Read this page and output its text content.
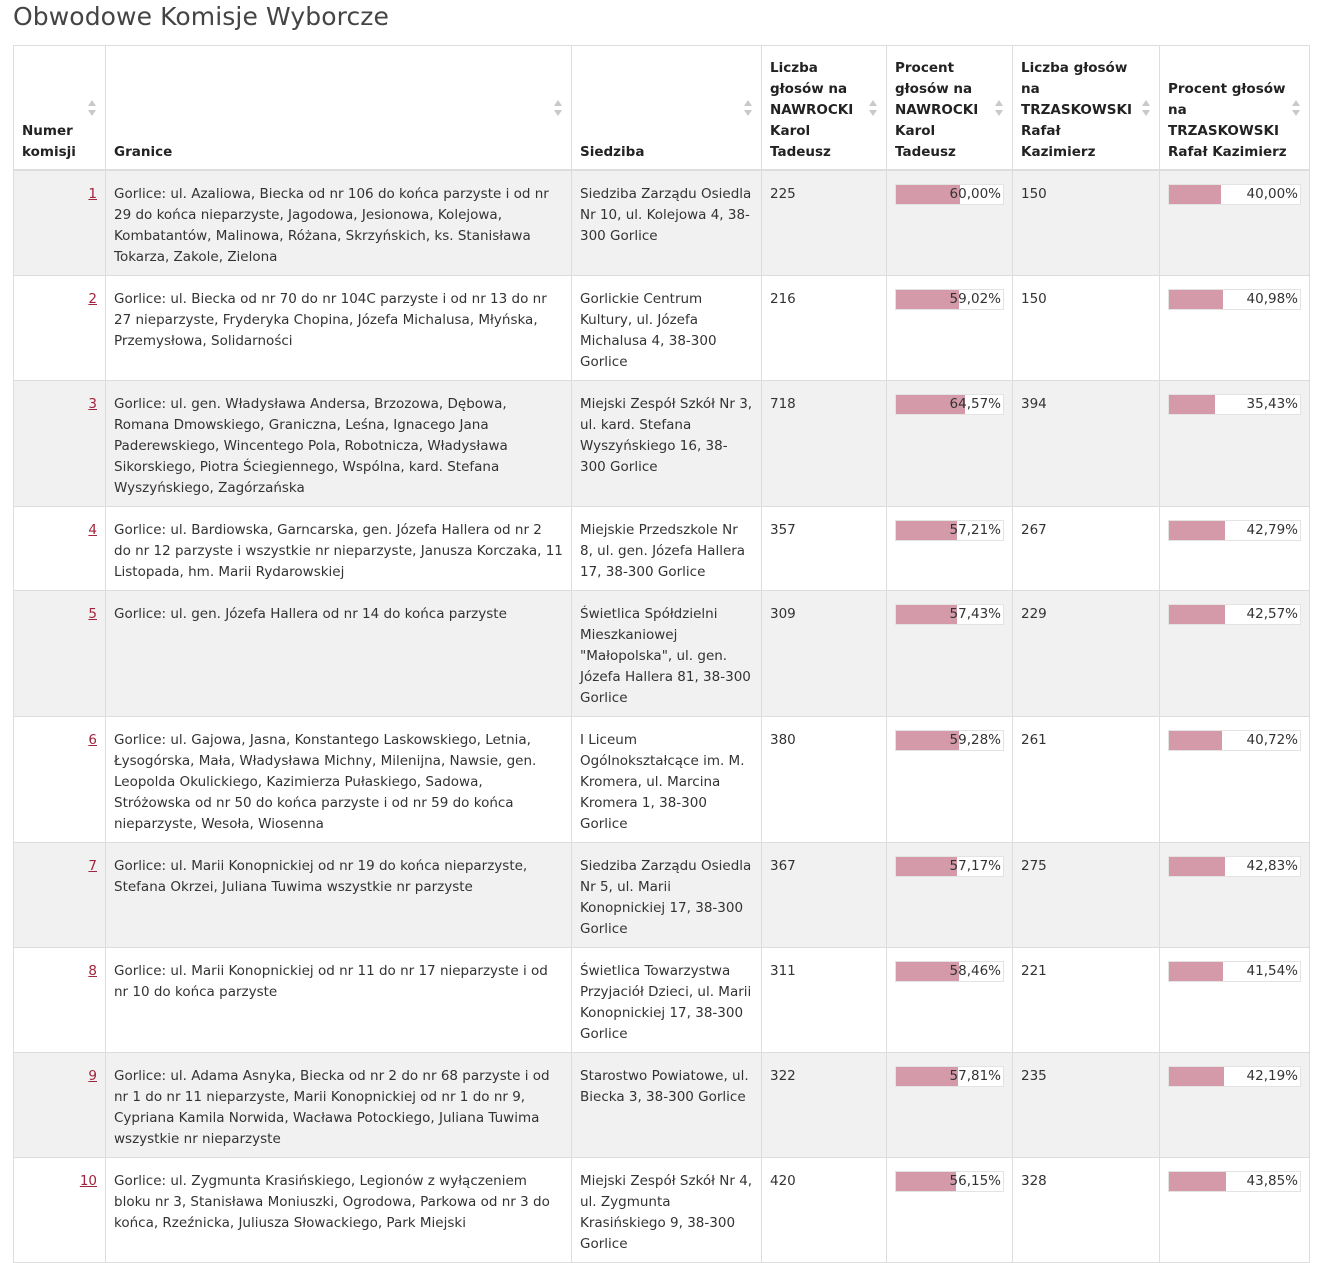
Obwodowe Komisje Wyborcze
Numer komisji	Granice	Siedziba	Liczba głosów na NAWROCKI Karol Tadeusz	Procent głosów na NAWROCKI Karol Tadeusz	Liczba głosów na TRZASKOWSKI Rafał Kazimierz	Procent głosów na TRZASKOWSKI Rafał Kazimierz

1	Gorlice: ul. Azaliowa, Biecka od nr 106 do końca parzyste i od nr 29 do końca nieparzyste, Jagodowa, Jesionowa, Kolejowa, Kombatantów, Malinowa, Różana, Skrzyńskich, ks. Stanisława Tokarza, Zakole, Zielona	Siedziba Zarządu Osiedla Nr 10, ul. Kolejowa 4, 38-300 Gorlice	225	60,00%	150	40,00%

2	Gorlice: ul. Biecka od nr 70 do nr 104C parzyste i od nr 13 do nr 27 nieparzyste, Fryderyka Chopina, Józefa Michalusa, Młyńska, Przemysłowa, Solidarności	Gorlickie Centrum Kultury, ul. Józefa Michalusa 4, 38-300 Gorlice	216	59,02%	150	40,98%

3	Gorlice: ul. gen. Władysława Andersa, Brzozowa, Dębowa, Romana Dmowskiego, Graniczna, Leśna, Ignacego Jana Paderewskiego, Wincentego Pola, Robotnicza, Władysława Sikorskiego, Piotra Ściegiennego, Wspólna, kard. Stefana Wyszyńskiego, Zagórzańska	Miejski Zespół Szkół Nr 3, ul. kard. Stefana Wyszyńskiego 16, 38-300 Gorlice	718	64,57%	394	35,43%

4	Gorlice: ul. Bardiowska, Garncarska, gen. Józefa Hallera od nr 2 do nr 12 parzyste i wszystkie nr nieparzyste, Janusza Korczaka, 11 Listopada, hm. Marii Rydarowskiej	Miejskie Przedszkole Nr 8, ul. gen. Józefa Hallera 17, 38-300 Gorlice	357	57,21%	267	42,79%

5	Gorlice: ul. gen. Józefa Hallera od nr 14 do końca parzyste	Świetlica Spółdzielni Mieszkaniowej "Małopolska", ul. gen. Józefa Hallera 81, 38-300 Gorlice	309	57,43%	229	42,57%

6	Gorlice: ul. Gajowa, Jasna, Konstantego Laskowskiego, Letnia, Łysogórska, Mała, Władysława Michny, Milenijna, Nawsie, gen. Leopolda Okulickiego, Kazimierza Pułaskiego, Sadowa, Stróżowska od nr 50 do końca parzyste i od nr 59 do końca nieparzyste, Wesoła, Wiosenna	I Liceum Ogólnokształcące im. M. Kromera, ul. Marcina Kromera 1, 38-300 Gorlice	380	59,28%	261	40,72%

7	Gorlice: ul. Marii Konopnickiej od nr 19 do końca nieparzyste, Stefana Okrzei, Juliana Tuwima wszystkie nr parzyste	Siedziba Zarządu Osiedla Nr 5, ul. Marii Konopnickiej 17, 38-300 Gorlice	367	57,17%	275	42,83%

8	Gorlice: ul. Marii Konopnickiej od nr 11 do nr 17 nieparzyste i od nr 10 do końca parzyste	Świetlica Towarzystwa Przyjaciół Dzieci, ul. Marii Konopnickiej 17, 38-300 Gorlice	311	58,46%	221	41,54%

9	Gorlice: ul. Adama Asnyka, Biecka od nr 2 do nr 68 parzyste i od nr 1 do nr 11 nieparzyste, Marii Konopnickiej od nr 1 do nr 9, Cypriana Kamila Norwida, Wacława Potockiego, Juliana Tuwima wszystkie nr nieparzyste	Starostwo Powiatowe, ul. Biecka 3, 38-300 Gorlice	322	57,81%	235	42,19%

10	Gorlice: ul. Zygmunta Krasińskiego, Legionów z wyłączeniem bloku nr 3, Stanisława Moniuszki, Ogrodowa, Parkowa od nr 3 do końca, Rzeźnicka, Juliusza Słowackiego, Park Miejski	Miejski Zespół Szkół Nr 4, ul. Zygmunta Krasińskiego 9, 38-300 Gorlice	420	56,15%	328	43,85%
